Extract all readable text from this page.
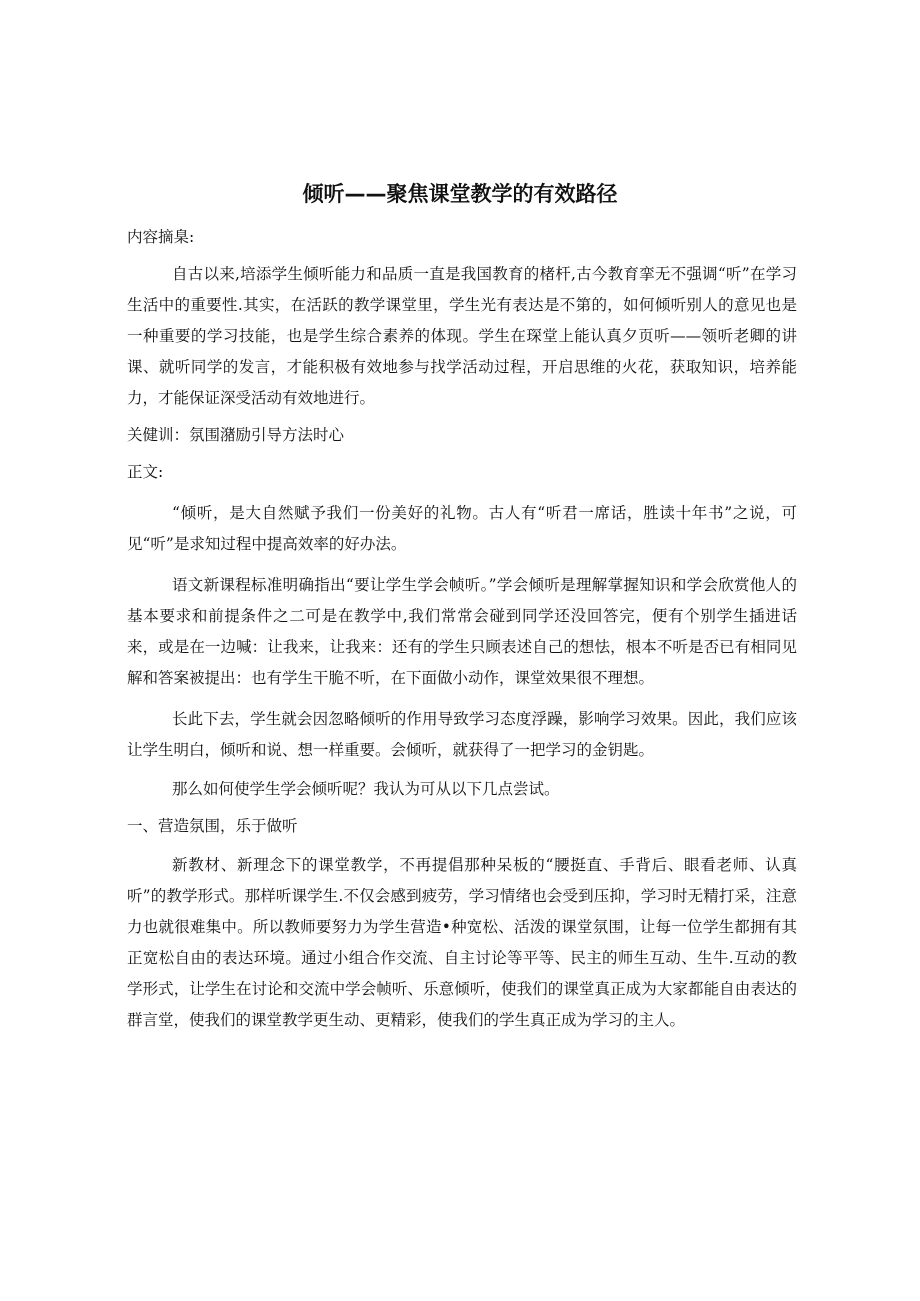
倾听——聚焦课堂教学的有效路径

内容摘臬:

自古以来,培添学生倾听能力和品质一直是我国教育的楮杆,古今教育挛无不强调“听”在学习生活中的重要性.其实，在活跃的教学课堂里，学生光有表达是不第的，如何倾听别人的意见也是一种重要的学习技能，也是学生综合素养的体现。学生在琛堂上能认真夕页听——领听老卿的讲课、就听同学的发言，才能积极有效地参与找学活动过程，开启思维的火花，获取知识，培养能力，才能保证深受活动有效地进行。

关健训：氛围潴励引导方法时心

正文:

“倾听，是大自然赋予我们一份美好的礼物。古人有“听君一席话，胜读十年书”之说，可见“听”是求知过程中提高效率的好办法。

语文新课程标准明确指出“要让学生学会帧听。”学会倾听是理解掌握知识和学会欣赏他人的基本要求和前提条件之二可是在教学中,我们常常会碰到同学还没回答完，便有个别学生插进话来，或是在一边喊：让我来，让我来：还有的学生只顾表述自己的想怯，根本不听是否已有相同见解和答案被提出：也有学生干脆不听，在下面做小动作，课堂效果很不理想。

长此下去，学生就会因忽略倾听的作用导致学习态度浮躁，影响学习效果。因此，我们应该让学生明白，倾听和说、想一样重要。会倾听，就获得了一把学习的金钥匙。

那么如何使学生学会倾听呢？我认为可从以下几点尝试。

一、营造氛围，乐于做听

新教材、新理念下的课堂教学，不再提倡那种呆板的“腰挺直、手背后、眼看老师、认真听”的教学形式。那样听课学生.不仅会感到疲劳，学习情绪也会受到压抑，学习时无精打采，注意力也就很难集中。所以教师要努力为学生营造•种宽松、活泼的课堂氛围，让每一位学生都拥有其正宽松自由的表达环境。通过小组合作交流、自主讨论等平等、民主的师生互动、生牛.互动的教学形式，让学生在讨论和交流中学会帧听、乐意倾听，使我们的课堂真正成为大家都能自由表达的群言堂，使我们的课堂教学更生动、更精彩，使我们的学生真正成为学习的主人。
